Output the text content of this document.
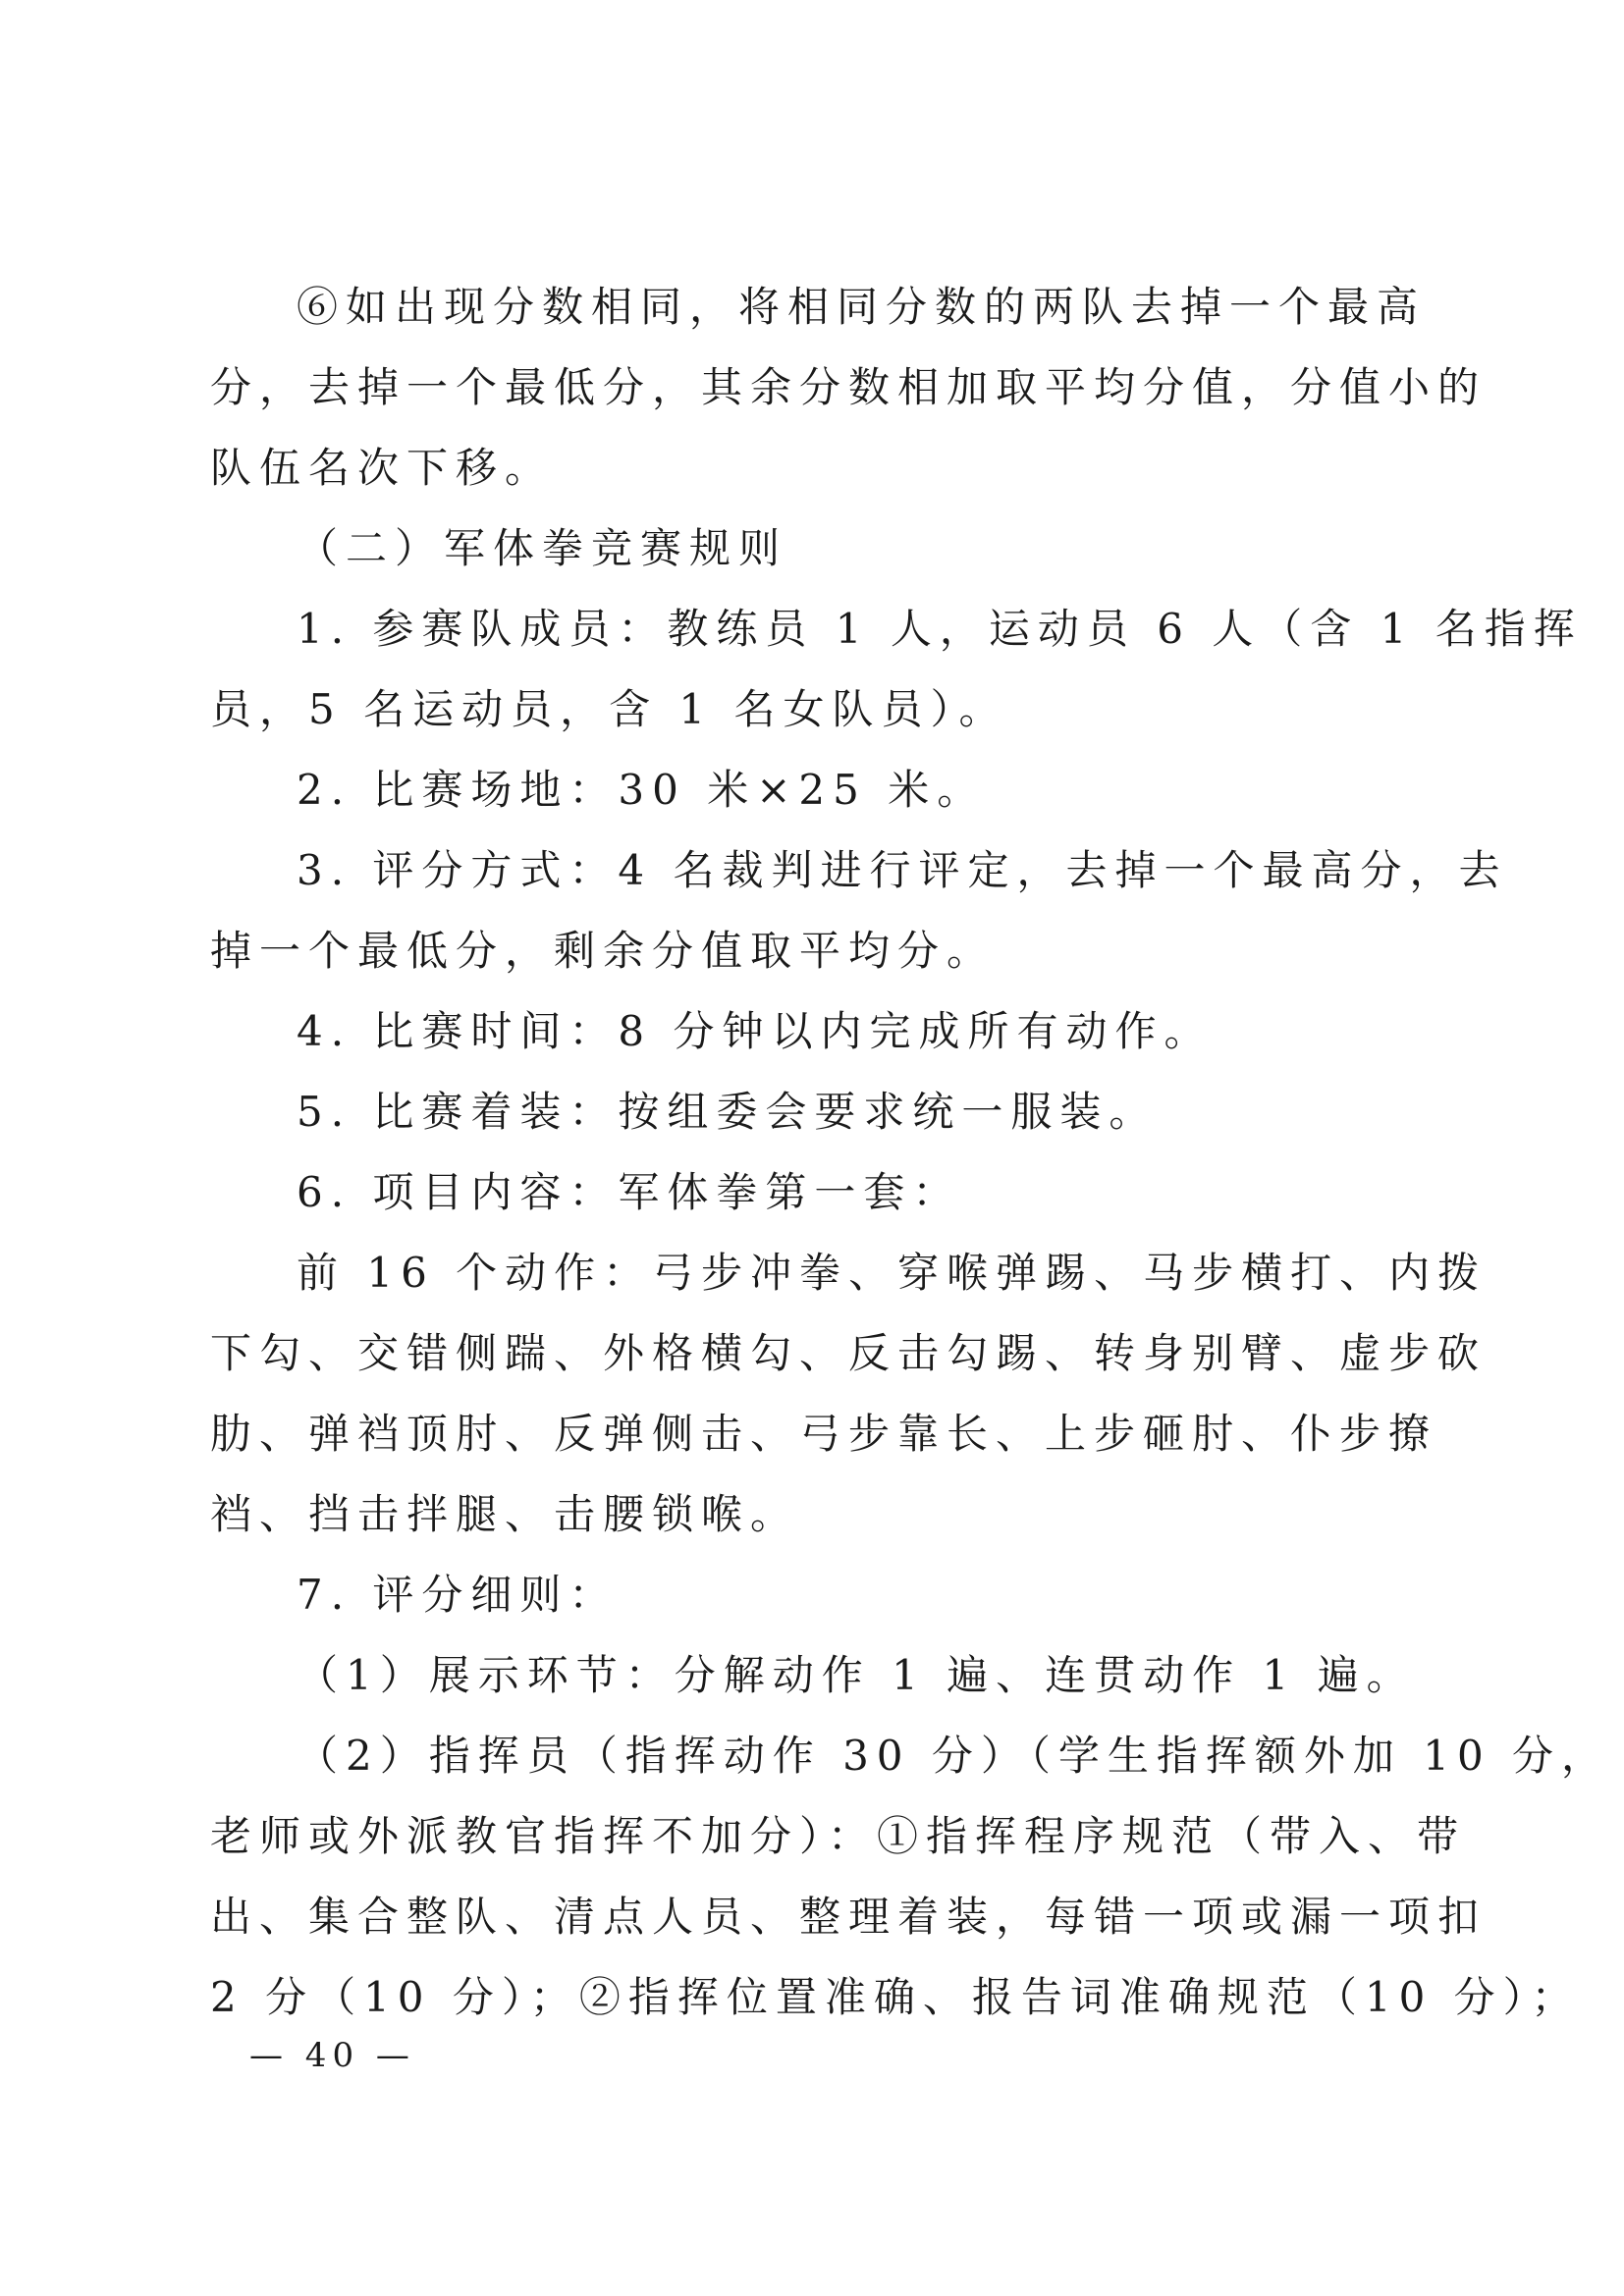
⑥如出现分数相同，将相同分数的两队去掉一个最高
分，去掉一个最低分，其余分数相加取平均分值，分值小的
队伍名次下移。
（二）军体拳竞赛规则
1. 参赛队成员：教练员 1 人，运动员 6 人（含 1 名指挥
员，5 名运动员，含 1 名女队员）。
2. 比赛场地：30 米×25 米。
3. 评分方式：4 名裁判进行评定，去掉一个最高分，去
掉一个最低分，剩余分值取平均分。
4. 比赛时间：8 分钟以内完成所有动作。
5. 比赛着装：按组委会要求统一服装。
6. 项目内容：军体拳第一套：
前 16 个动作：弓步冲拳、穿喉弹踢、马步横打、内拨
下勾、交错侧踹、外格横勾、反击勾踢、转身别臂、虚步砍
肋、弹裆顶肘、反弹侧击、弓步靠长、上步砸肘、仆步撩
裆、挡击拌腿、击腰锁喉。
7. 评分细则：
（1）展示环节：分解动作 1 遍、连贯动作 1 遍。
（2）指挥员（指挥动作 30 分）（学生指挥额外加 10 分，
老师或外派教官指挥不加分）：①指挥程序规范（带入、带
出、集合整队、清点人员、整理着装，每错一项或漏一项扣
2 分（10 分）；②指挥位置准确、报告词准确规范（10 分）；
— 40 —
